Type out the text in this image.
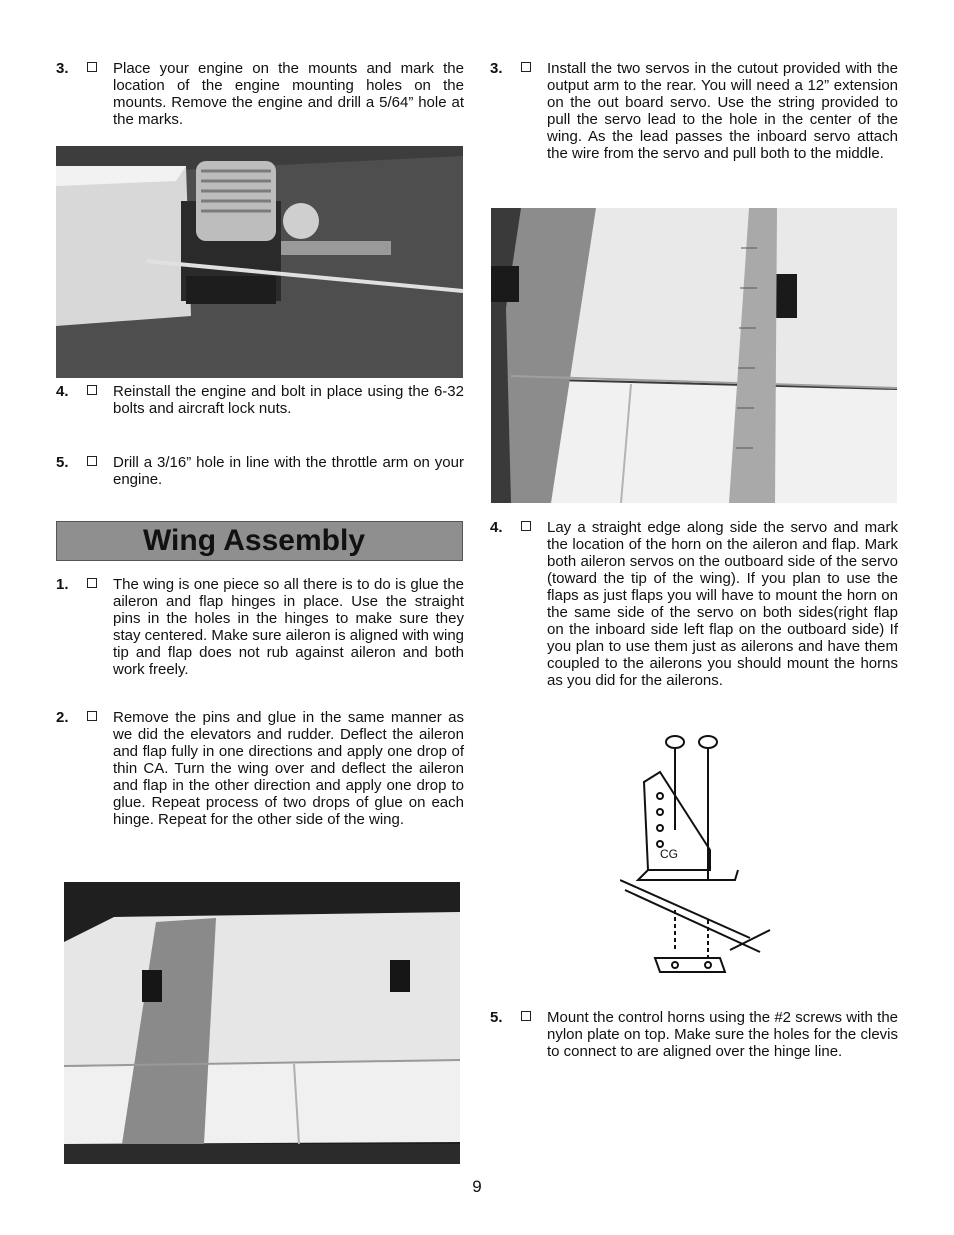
3.	Place your engine on the mounts and mark the location of the engine mounting holes on the mounts. Remove the engine and drill a 5/64” hole at the marks.
4.	Reinstall the engine and bolt in place using the 6-32 bolts and aircraft lock nuts.
5.	Drill a 3/16” hole in line with the throttle arm on your engine.
Wing Assembly
1.	The wing is one piece so all there is to do is glue the aileron and flap hinges in place. Use the straight pins in the holes in the hinges to make sure they stay centered. Make sure aileron is aligned with wing tip and flap does not rub against aileron and both work freely.
2.	Remove the pins and glue in the same manner as we did the elevators and rudder. Deflect the aileron and flap fully in one directions and apply one drop of thin CA. Turn the wing over and deflect the aileron and flap in the other direction and apply one drop to glue. Repeat process of two drops of glue on each hinge. Repeat for the other side of the wing.
3.	Install the two servos in the cutout provided with the output arm to the rear. You will need a 12” extension on the out board servo. Use the string provided to pull the servo lead to the hole in the center of the wing. As the lead passes the inboard servo attach the wire from the servo and pull both to the middle.
4.	Lay a straight edge along side the servo and mark the location of the horn on the aileron and flap. Mark both aileron servos on the outboard side of the servo (toward the tip of the wing). If you plan to use the flaps as just flaps you will have to mount the horn on the same side of the servo on both sides(right flap on the inboard side left flap on the outboard side) If you plan to use them just as ailerons and have them coupled to the ailerons you should mount the horns as you did for the ailerons.
CG
5.	Mount the control horns using the #2 screws with the nylon plate on top. Make sure the holes for the clevis to connect to are aligned over the hinge line.
9
